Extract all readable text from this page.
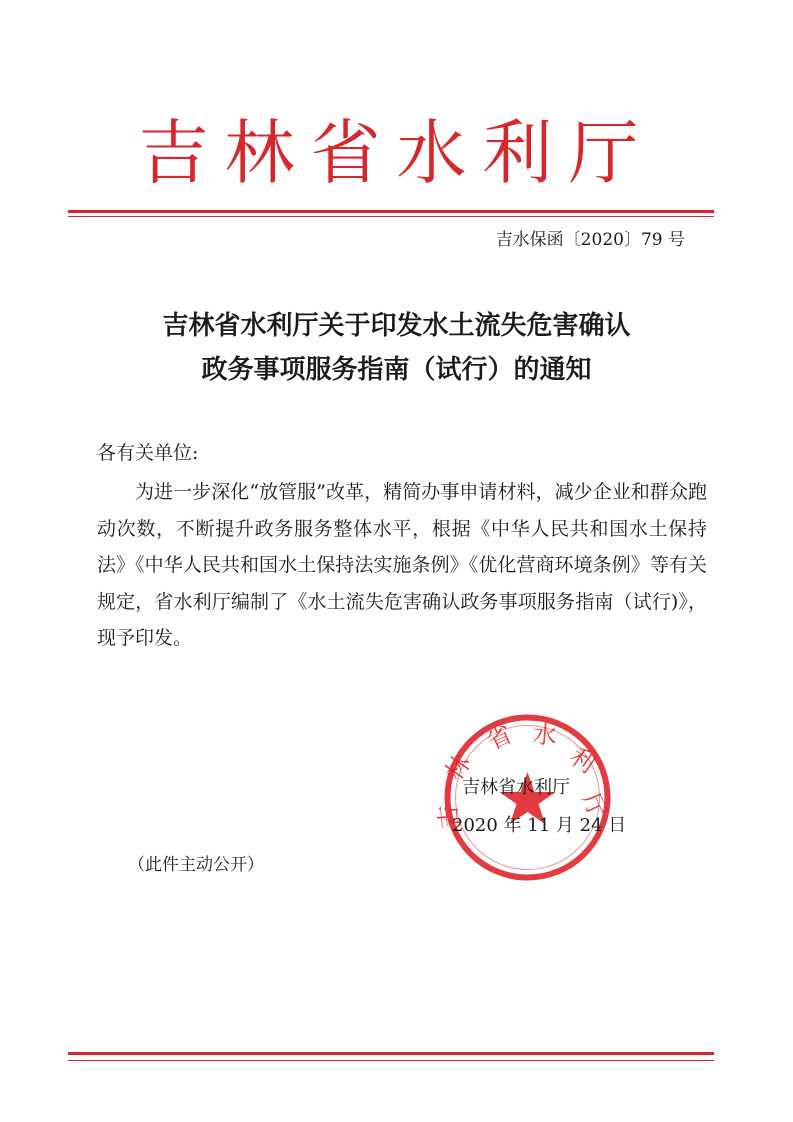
吉林省水利厅
吉水保函〔2020〕79 号
吉林省水利厅关于印发水土流失危害确认
政务事项服务指南（试行）的通知
各有关单位:

为进一步深化“放管服”改革，精简办事申请材料，减少企业和群众跑动次数，不断提升政务服务整体水平，根据《中华人民共和国水土保持法》《中华人民共和国水土保持法实施条例》《优化营商环境条例》等有关规定，省水利厅编制了《水土流失危害确认政务事项服务指南（试行)》，现予印发。

省 水
利
林
厅
吉
吉林省水利厅
2020 年 11 月 24 日
（此件主动公开）
